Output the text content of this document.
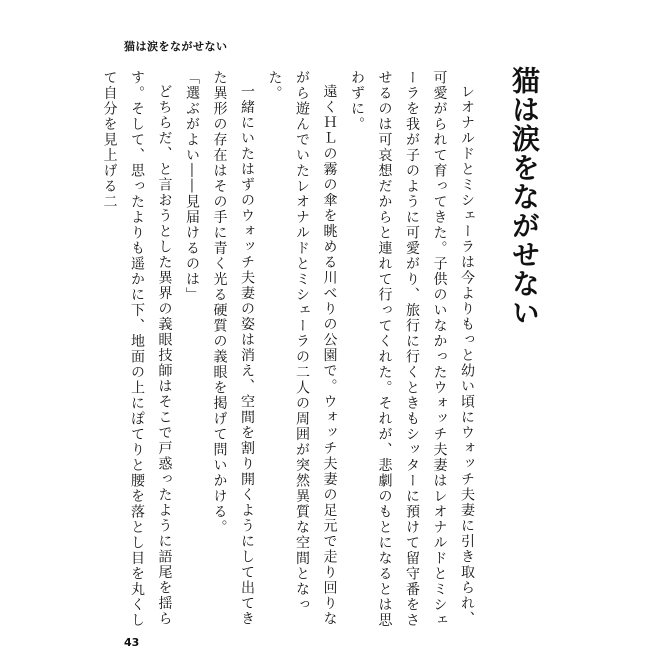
猫は涙をながせない
猫は涙をながせない

レオナルドとミシェーラは今よりもっと幼い頃にウォッチ夫妻に引き取られ、可愛がられて育ってきた。子供のいなかったウォッチ夫妻はレオナルドとミシェーラを我が子のように可愛がり、旅行に行くときもシッターに預けて留守番をさせるのは可哀想だからと連れて行ってくれた。それが、悲劇のもとになるとは思わずに。

遠くＨＬの霧の傘を眺める川べりの公園で。ウォッチ夫妻の足元で走り回りながら遊んでいたレオナルドとミシェーラの二人の周囲が突然異質な空間となった。

一緒にいたはずのウォッチ夫妻の姿は消え、空間を割り開くようにして出てきた異形の存在はその手に青く光る硬質の義眼を掲げて問いかける。

「選ぶがよい――見届けるのは」

どちらだ、と言おうとした異界の義眼技師はそこで戸惑ったように語尾を揺らす。そして、思ったよりも遥かに下、地面の上にぽてりと腰を落とし目を丸くして自分を見上げる二

43
